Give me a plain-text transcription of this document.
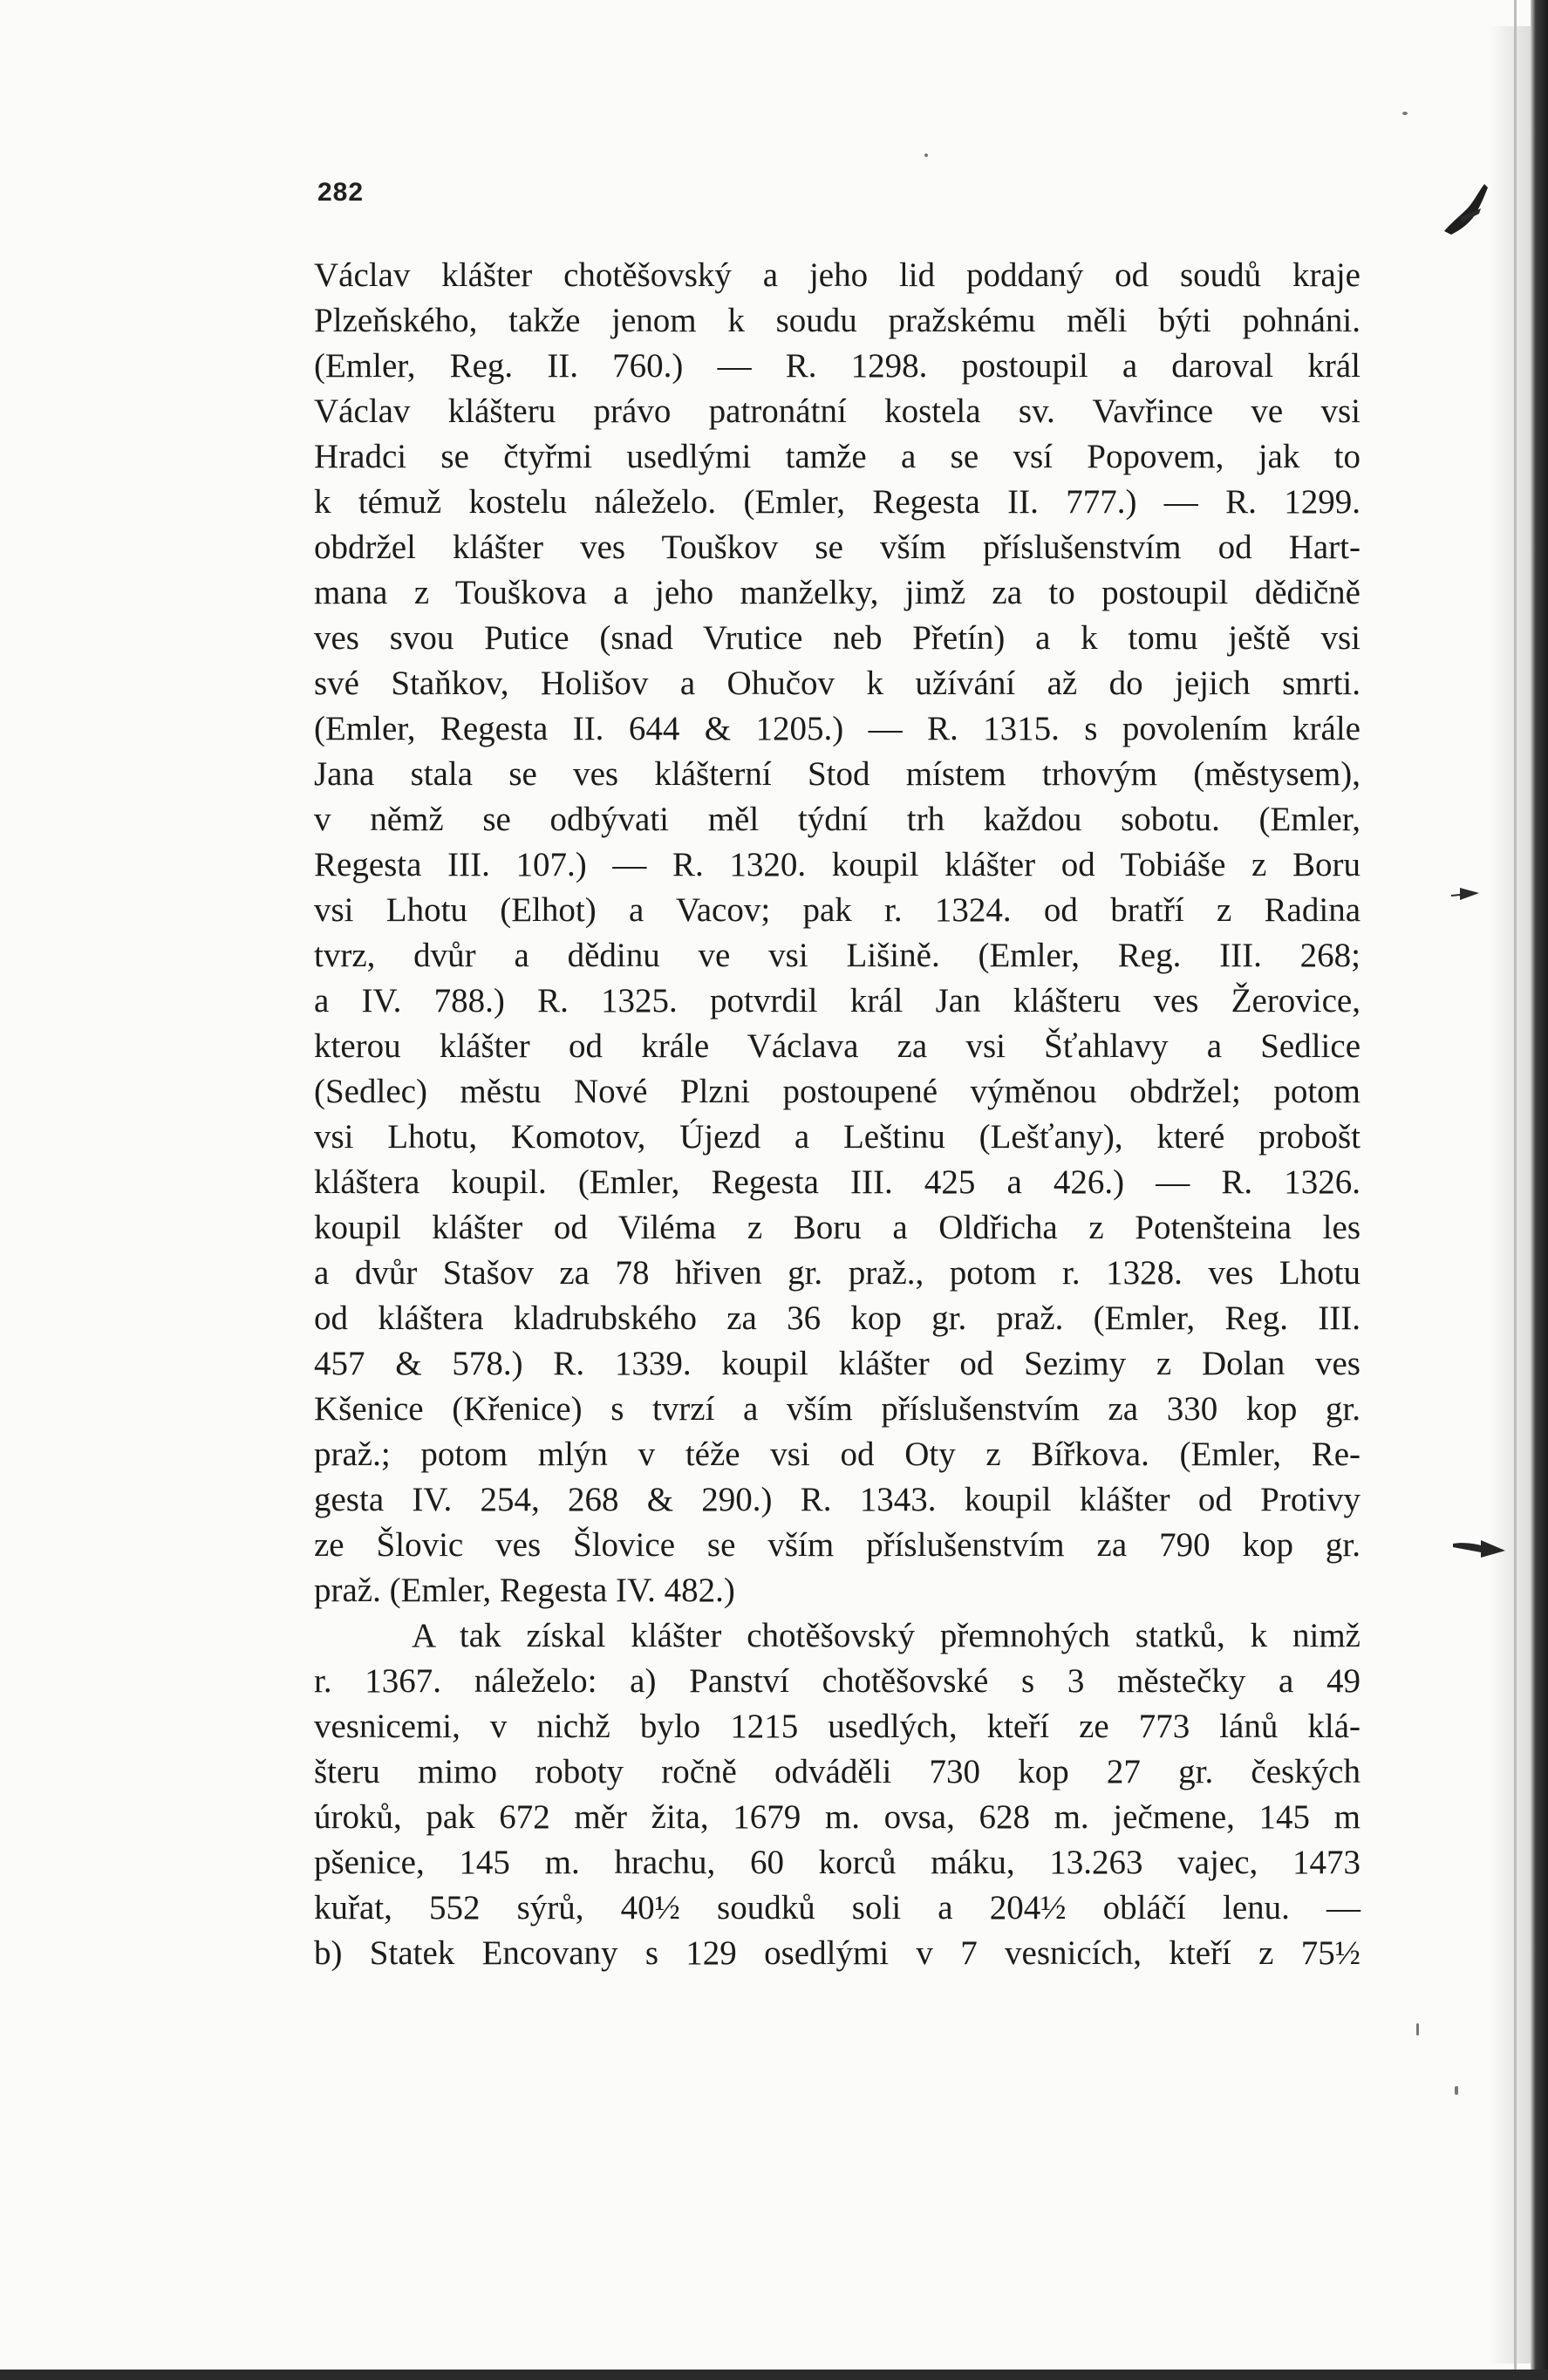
282
Václav klášter chotěšovský a jeho lid poddaný od soudů kraje
Plzeňského, takže jenom k soudu pražskému měli býti pohnáni.
(Emler, Reg. II. 760.) — R. 1298. postoupil a daroval král
Václav klášteru právo patronátní kostela sv. Vavřince ve vsi
Hradci se čtyřmi usedlými tamže a se vsí Popovem, jak to
k témuž kostelu náleželo. (Emler, Regesta II. 777.) — R. 1299.
obdržel klášter ves Touškov se vším příslušenstvím od Hart-
mana z Touškova a jeho manželky, jimž za to postoupil dědičně
ves svou Putice (snad Vrutice neb Přetín) a k tomu ještě vsi
své Staňkov, Holišov a Ohučov k užívání až do jejich smrti.
(Emler, Regesta II. 644 & 1205.) — R. 1315. s povolením krále
Jana stala se ves klášterní Stod místem trhovým (městysem),
v němž se odbývati měl týdní trh každou sobotu. (Emler,
Regesta III. 107.) — R. 1320. koupil klášter od Tobiáše z Boru
vsi Lhotu (Elhot) a Vacov; pak r. 1324. od bratří z Radina
tvrz, dvůr a dědinu ve vsi Lišině. (Emler, Reg. III. 268;
a IV. 788.) R. 1325. potvrdil král Jan klášteru ves Žerovice,
kterou klášter od krále Václava za vsi Šťahlavy a Sedlice
(Sedlec) městu Nové Plzni postoupené výměnou obdržel; potom
vsi Lhotu, Komotov, Újezd a Leštinu (Lešťany), které probošt
kláštera koupil. (Emler, Regesta III. 425 a 426.) — R. 1326.
koupil klášter od Viléma z Boru a Oldřicha z Potenšteina les
a dvůr Stašov za 78 hřiven gr. praž., potom r. 1328. ves Lhotu
od kláštera kladrubského za 36 kop gr. praž. (Emler, Reg. III.
457 & 578.) R. 1339. koupil klášter od Sezimy z Dolan ves
Kšenice (Křenice) s tvrzí a vším příslušenstvím za 330 kop gr.
praž.; potom mlýn v téže vsi od Oty z Bířkova. (Emler, Re-
gesta IV. 254, 268 & 290.) R. 1343. koupil klášter od Protivy
ze Šlovic ves Šlovice se vším příslušenstvím za 790 kop gr.
praž. (Emler, Regesta IV. 482.)
A tak získal klášter chotěšovský přemnohých statků, k nimž
r. 1367. náleželo: a) Panství chotěšovské s 3 městečky a 49
vesnicemi, v nichž bylo 1215 usedlých, kteří ze 773 lánů klá-
šteru mimo roboty ročně odváděli 730 kop 27 gr. českých
úroků, pak 672 měr žita, 1679 m. ovsa, 628 m. ječmene, 145 m
pšenice, 145 m. hrachu, 60 korců máku, 13.263 vajec, 1473
kuřat, 552 sýrů, 40½ soudků soli a 204½ obláčí lenu. —
b) Statek Encovany s 129 osedlými v 7 vesnicích, kteří z 75½
